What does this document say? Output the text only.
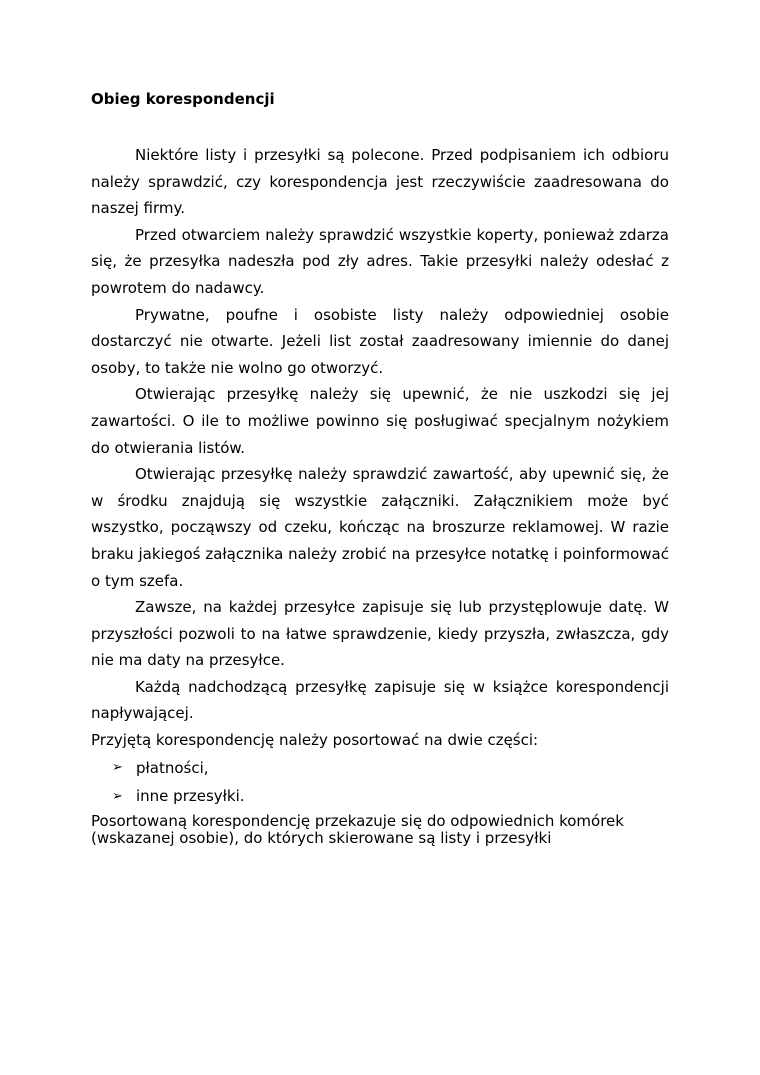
Obieg korespondencji

Niektóre listy i przesyłki są polecone. Przed podpisaniem ich odbioru należy sprawdzić, czy korespondencja jest rzeczywiście zaadresowana do naszej firmy.

Przed otwarciem należy sprawdzić wszystkie koperty, ponieważ zdarza się, że przesyłka nadeszła pod zły adres. Takie przesyłki należy odesłać z powrotem do nadawcy.

Prywatne, poufne i osobiste listy należy odpowiedniej osobie dostarczyć nie otwarte. Jeżeli list został zaadresowany imiennie do danej osoby, to także nie wolno go otworzyć.

Otwierając przesyłkę należy się upewnić, że nie uszkodzi się jej zawartości. O ile to możliwe powinno się posługiwać specjalnym nożykiem do otwierania listów.

Otwierając przesyłkę należy sprawdzić zawartość, aby upewnić się, że w środku znajdują się wszystkie załączniki. Załącznikiem może być wszystko, począwszy od czeku, kończąc na broszurze reklamowej. W razie braku jakiegoś załącznika należy zrobić na przesyłce notatkę i poinformować o tym szefa.

Zawsze, na każdej przesyłce zapisuje się lub przystęplowuje datę. W przyszłości pozwoli to na łatwe sprawdzenie, kiedy przyszła, zwłaszcza, gdy nie ma daty na przesyłce.

Każdą nadchodzącą przesyłkę zapisuje się w książce korespondencji napływającej.

Przyjętą korespondencję należy posortować na dwie części:

➢ płatności,
➢ inne przesyłki.

Posortowaną korespondencję przekazuje się do odpowiednich komórek (wskazanej osobie), do których skierowane są listy i przesyłki
